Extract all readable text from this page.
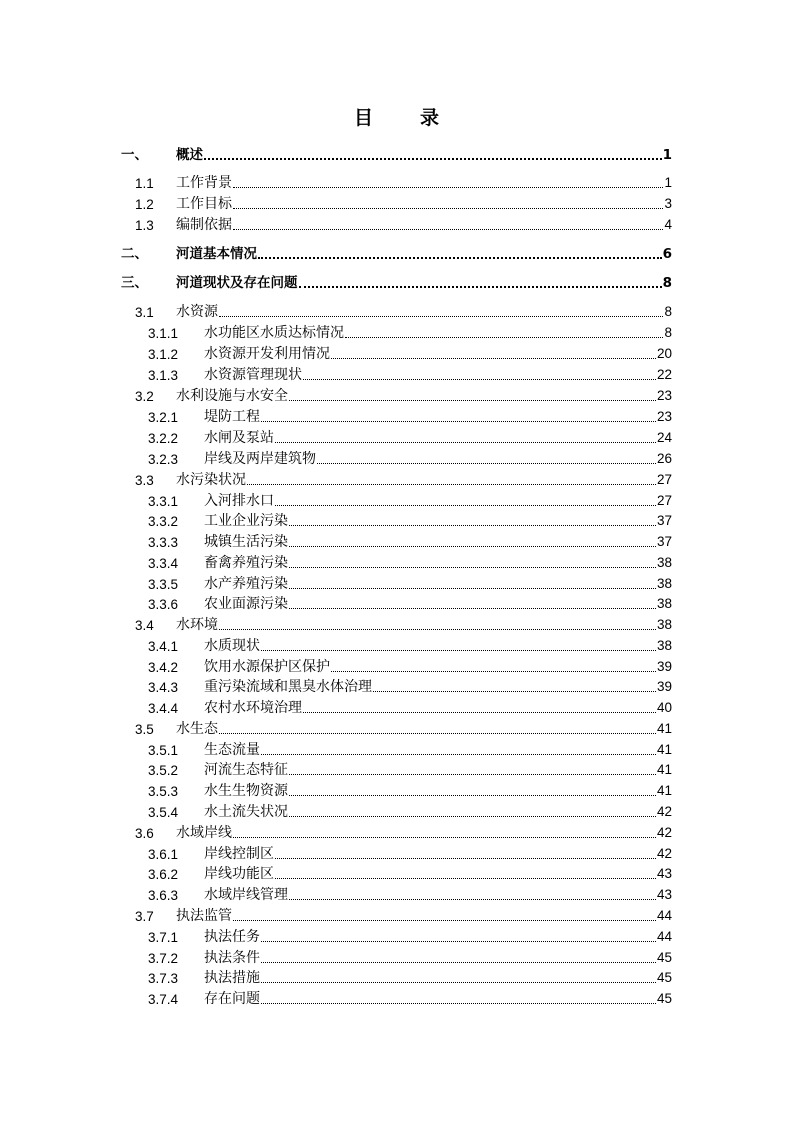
目　录
一、 概述	1
1.1 工作背景	1
1.2 工作目标	3
1.3 编制依据	4
二、 河道基本情况	6
三、 河道现状及存在问题	8
3.1 水资源	8
3.1.1 水功能区水质达标情况	8
3.1.2 水资源开发利用情况	20
3.1.3 水资源管理现状	22
3.2 水利设施与水安全	23
3.2.1 堤防工程	23
3.2.2 水闸及泵站	24
3.2.3 岸线及两岸建筑物	26
3.3 水污染状况	27
3.3.1 入河排水口	27
3.3.2 工业企业污染	37
3.3.3 城镇生活污染	37
3.3.4 畜禽养殖污染	38
3.3.5 水产养殖污染	38
3.3.6 农业面源污染	38
3.4 水环境	38
3.4.1 水质现状	38
3.4.2 饮用水源保护区保护	39
3.4.3 重污染流域和黑臭水体治理	39
3.4.4 农村水环境治理	40
3.5 水生态	41
3.5.1 生态流量	41
3.5.2 河流生态特征	41
3.5.3 水生生物资源	41
3.5.4 水土流失状况	42
3.6 水域岸线	42
3.6.1 岸线控制区	42
3.6.2 岸线功能区	43
3.6.3 水域岸线管理	43
3.7 执法监管	44
3.7.1 执法任务	44
3.7.2 执法条件	45
3.7.3 执法措施	45
3.7.4 存在问题	45
